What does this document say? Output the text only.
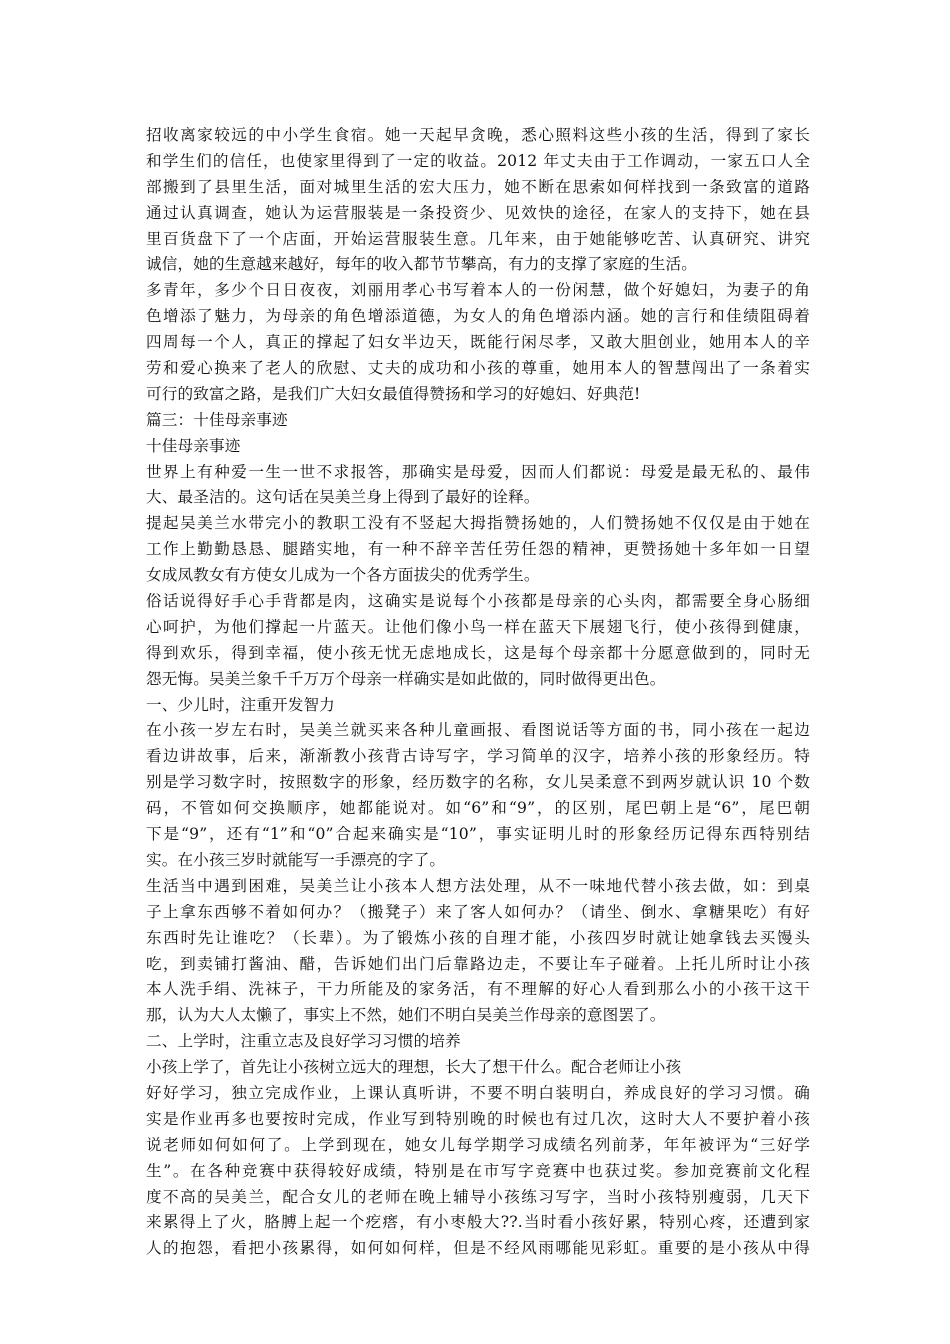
招收离家较远的中小学生食宿。她一天起早贪晚，悉心照料这些小孩的生活，得到了家长
和学生们的信任，也使家里得到了一定的收益。2012 年丈夫由于工作调动，一家五口人全
部搬到了县里生活，面对城里生活的宏大压力，她不断在思索如何样找到一条致富的道路
通过认真调查，她认为运营服装是一条投资少、见效快的途径，在家人的支持下，她在县
里百货盘下了一个店面，开始运营服装生意。几年来，由于她能够吃苦、认真研究、讲究
诚信，她的生意越来越好，每年的收入都节节攀高，有力的支撑了家庭的生活。
多青年，多少个日日夜夜，刘丽用孝心书写着本人的一份闲慧，做个好媳妇，为妻子的角
色增添了魅力，为母亲的角色增添道德，为女人的角色增添内涵。她的言行和佳绩阻碍着
四周每一个人，真正的撑起了妇女半边天，既能行闲尽孝，又敢大胆创业，她用本人的辛
劳和爱心换来了老人的欣慰、丈夫的成功和小孩的尊重，她用本人的智慧闯出了一条着实
可行的致富之路，是我们广大妇女最值得赞扬和学习的好媳妇、好典范!
篇三：十佳母亲事迹
十佳母亲事迹
世界上有种爱一生一世不求报答，那确实是母爱，因而人们都说：母爱是最无私的、最伟
大、最圣洁的。这句话在吴美兰身上得到了最好的诠释。
提起吴美兰水带完小的教职工没有不竖起大拇指赞扬她的，人们赞扬她不仅仅是由于她在
工作上勤勤恳恳、腿踏实地，有一种不辞辛苦任劳任怨的精神，更赞扬她十多年如一日望
女成凤教女有方使女儿成为一个各方面拔尖的优秀学生。
俗话说得好手心手背都是肉，这确实是说每个小孩都是母亲的心头肉，都需要全身心肠细
心呵护，为他们撑起一片蓝天。让他们像小鸟一样在蓝天下展翅飞行，使小孩得到健康，
得到欢乐，得到幸福，使小孩无忧无虑地成长，这是每个母亲都十分愿意做到的，同时无
怨无悔。吴美兰象千千万万个母亲一样确实是如此做的，同时做得更出色。
一、少儿时，注重开发智力
在小孩一岁左右时，吴美兰就买来各种儿童画报、看图说话等方面的书，同小孩在一起边
看边讲故事，后来，渐渐教小孩背古诗写字，学习简单的汉字，培养小孩的形象经历。特
别是学习数字时，按照数字的形象，经历数字的名称，女儿吴柔意不到两岁就认识 10 个数
码，不管如何交换顺序，她都能说对。如“6”和“9”，的区别，尾巴朝上是“6”，尾巴朝
下是“9”，还有“1”和“0”合起来确实是“10”，事实证明儿时的形象经历记得东西特别结
实。在小孩三岁时就能写一手漂亮的字了。
生活当中遇到困难，吴美兰让小孩本人想方法处理，从不一味地代替小孩去做，如：到桌
子上拿东西够不着如何办？（搬凳子）来了客人如何办？（请坐、倒水、拿糖果吃）有好
东西时先让谁吃？（长辈）。为了锻炼小孩的自理才能，小孩四岁时就让她拿钱去买馒头
吃，到卖铺打酱油、醋，告诉她们出门后靠路边走，不要让车子碰着。上托儿所时让小孩
本人洗手绢、洗袜子，干力所能及的家务活，有不理解的好心人看到那么小的小孩干这干
那，认为大人太懒了，事实上不然，她们不明白吴美兰作母亲的意图罢了。
二、上学时，注重立志及良好学习习惯的培养
小孩上学了，首先让小孩树立远大的理想，长大了想干什么。配合老师让小孩
好好学习，独立完成作业，上课认真听讲，不要不明白装明白，养成良好的学习习惯。确
实是作业再多也要按时完成，作业写到特别晚的时候也有过几次，这时大人不要护着小孩
说老师如何如何了。上学到现在，她女儿每学期学习成绩名列前茅，年年被评为“三好学
生”。在各种竞赛中获得较好成绩，特别是在市写字竞赛中也获过奖。参加竞赛前文化程
度不高的吴美兰，配合女儿的老师在晚上辅导小孩练习写字，当时小孩特别瘦弱，几天下
来累得上了火，胳膊上起一个疙瘩，有小枣般大??.当时看小孩好累，特别心疼，还遭到家
人的抱怨，看把小孩累得，如何如何样，但是不经风雨哪能见彩虹。重要的是小孩从中得
